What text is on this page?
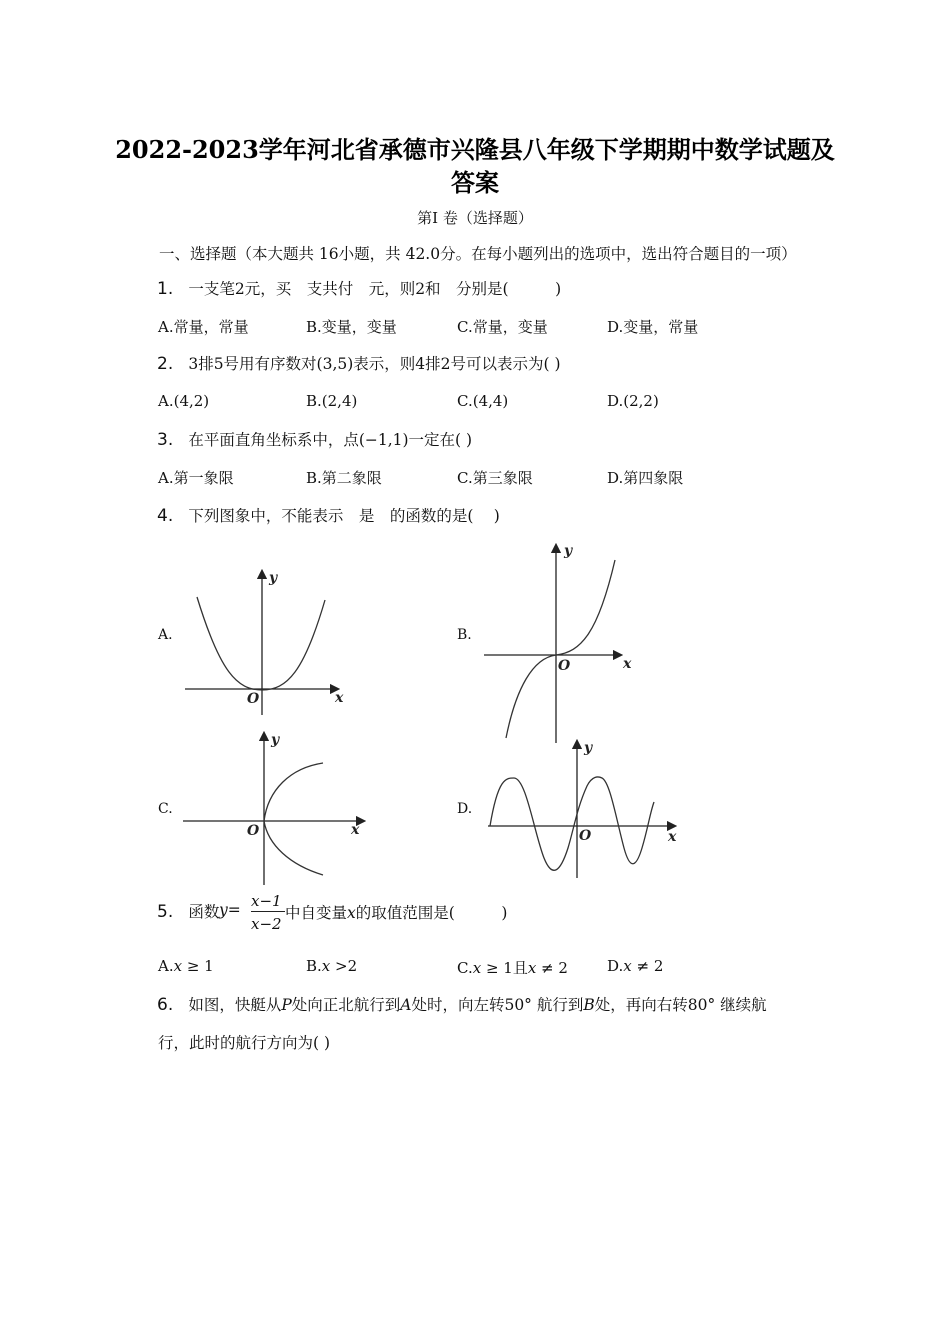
2022-2023学年河北省承德市兴隆县八年级下学期期中数学试题及
答案
第Ⅰ 卷（选择题）
一、选择题（本大题共 16小题，共 42.0分。在每小题列出的选项中，选出符合题目的一项）
1. 一支笔2元，买　支共付　元，则2和　分别是(　　　)
A.常量，常量	B.变量，变量	C.常量，变量	D.变量，常量
2. 3排5号用有序数对(3,5)表示，则4排2号可以表示为( )
A.(4,2)	B.(2,4)	C.(4,4)	D.(2,2)
3. 在平面直角坐标系中，点(−1,1)一定在( )
A.第一象限	B.第二象限	C.第三象限	D.第四象限
4. 下列图象中，不能表示　是　的函数的是(　 )
A.
O	x
y
B.
O	x
y
C.
O	x
y
D.
O	x
y
5. 函数 y= x−1
x−2
中自变量x的取值范围是(　　　)
A.𝑥 ≥ 1	B.𝑥 >2	C.𝑥 ≥ 1且𝑥 ≠ 2	D.𝑥 ≠ 2
6. 如图，快艇从𝑃处向正北航行到𝐴处时，向左转50° 航行到𝐵处，再向右转80° 继续航
行，此时的航行方向为( )
